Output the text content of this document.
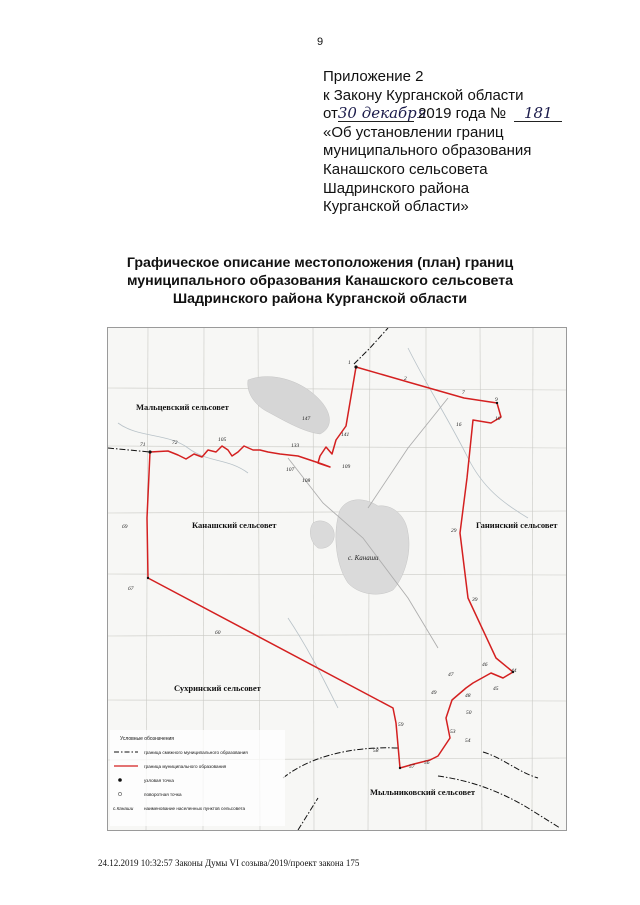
9
Приложение 2
к Закону Курганской области
от30 декабря 2019 года № 181
«Об установлении границ
муниципального образования
Канашского сельсовета
Шадринского района
Курганской области»
Графическое описание местоположения (план) границ
муниципального образования Канашского сельсовета
Шадринского района Курганской области
Мальцевский сельсовет
Канашский сельсовет	Ганинский сельсовет
Сухринский сельсовет
Мыльниковский сельсовет
с. Канаши
1
2
7
9
10
16
29
39
46
44
45
47
48
49
50
53
54
56
57
58
59
60
67
69
71	72	105
107
108
109
133
141
147
Условные обозначения
граница смежного муниципального образования
граница муниципального образования
узловая точка
поворотная точка
с.Канаши наименование населенных пунктов сельсовета
24.12.2019 10:32:57 Законы Думы VI созыва/2019/проект закона 175
